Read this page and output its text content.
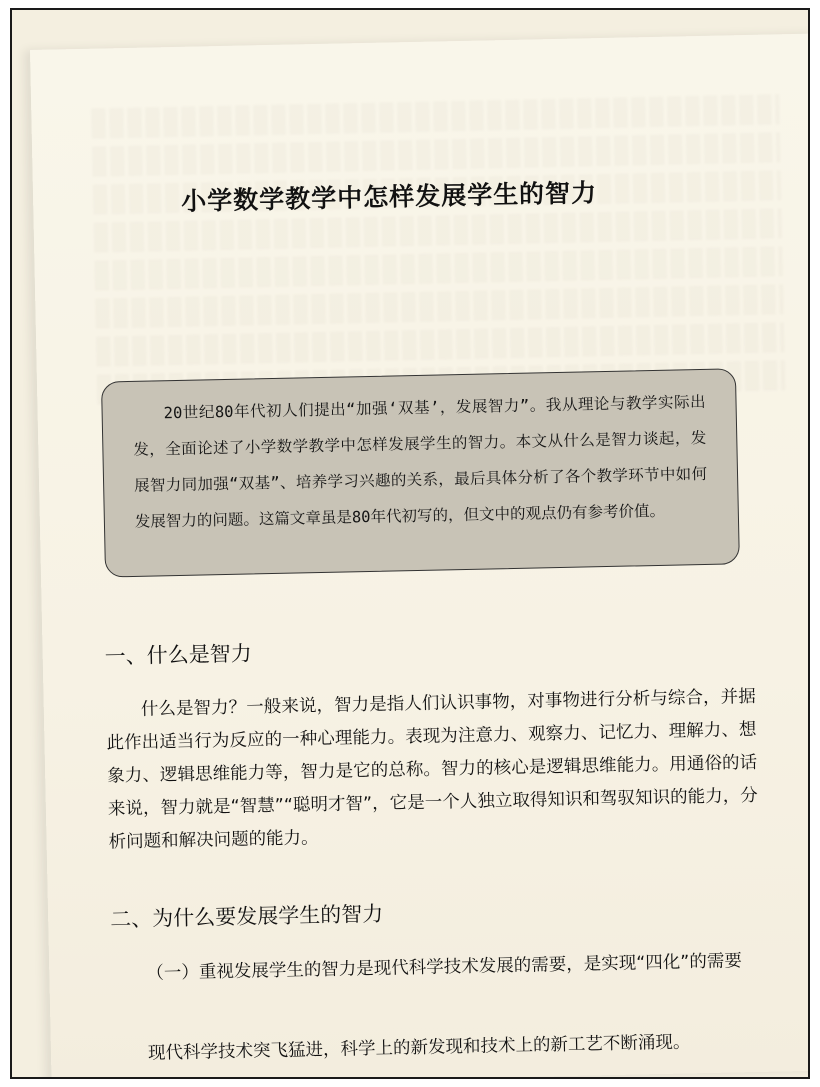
小学数学教学中怎样发展学生的智力

20世纪80年代初人们提出“加强‘双基’，发展智力”。我从理论与教学实际出发，全面论述了小学数学教学中怎样发展学生的智力。本文从什么是智力谈起，发展智力同加强“双基”、培养学习兴趣的关系，最后具体分析了各个教学环节中如何发展智力的问题。这篇文章虽是80年代初写的，但文中的观点仍有参考价值。

一、什么是智力

什么是智力？一般来说，智力是指人们认识事物，对事物进行分析与综合，并据此作出适当行为反应的一种心理能力。表现为注意力、观察力、记忆力、理解力、想象力、逻辑思维能力等，智力是它的总称。智力的核心是逻辑思维能力。用通俗的话来说，智力就是“智慧”“聪明才智”，它是一个人独立取得知识和驾驭知识的能力，分析问题和解决问题的能力。

二、为什么要发展学生的智力

（一）重视发展学生的智力是现代科学技术发展的需要，是实现“四化”的需要

现代科学技术突飞猛进，科学上的新发现和技术上的新工艺不断涌现。
